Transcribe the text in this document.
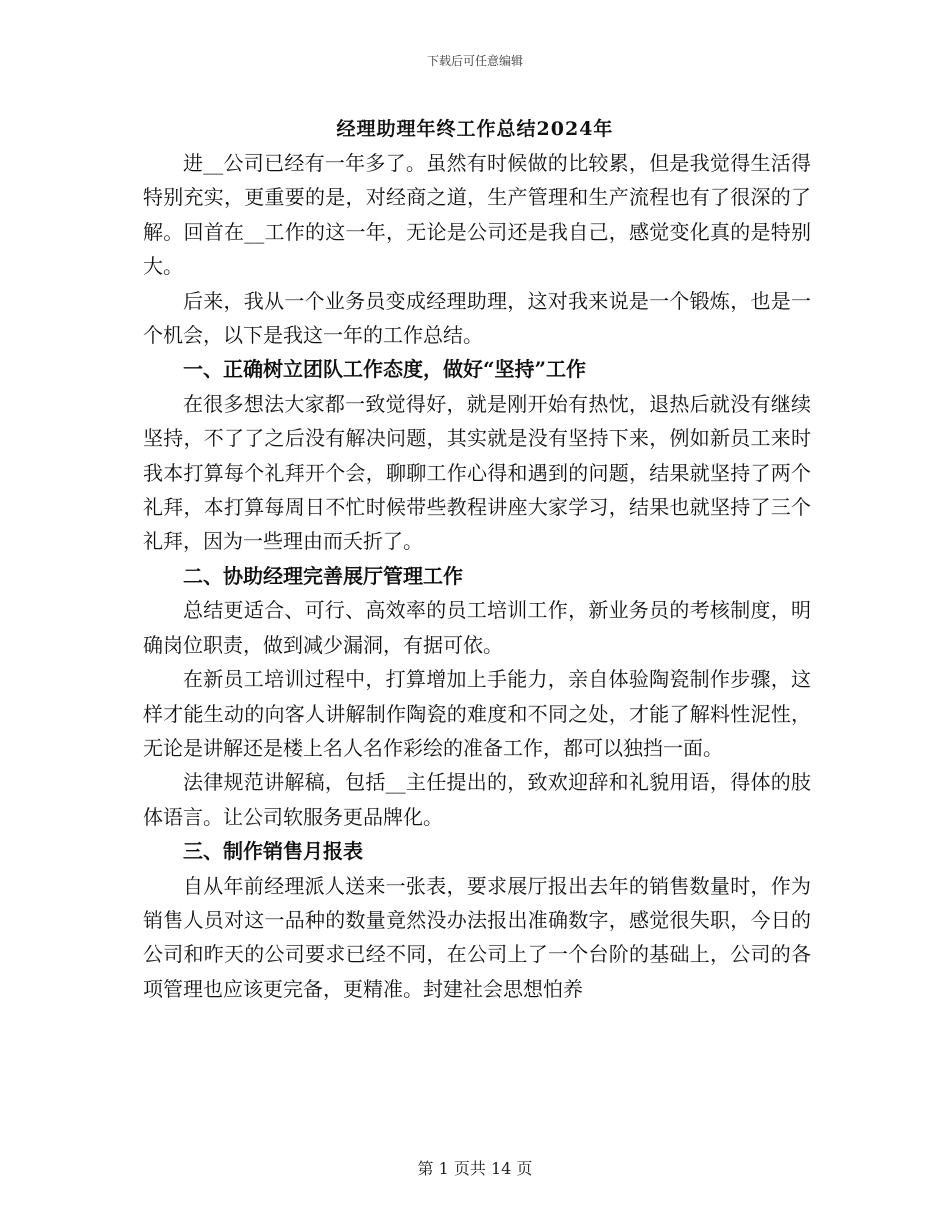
下载后可任意编辑
经理助理年终工作总结2024年

进__公司已经有一年多了。虽然有时候做的比较累，但是我觉得生活得特别充实，更重要的是，对经商之道，生产管理和生产流程也有了很深的了解。回首在__工作的这一年，无论是公司还是我自己，感觉变化真的是特别大。

后来，我从一个业务员变成经理助理，这对我来说是一个锻炼，也是一个机会，以下是我这一年的工作总结。

一、正确树立团队工作态度，做好“坚持”工作

在很多想法大家都一致觉得好，就是刚开始有热忱，退热后就没有继续坚持，不了了之后没有解决问题，其实就是没有坚持下来，例如新员工来时我本打算每个礼拜开个会，聊聊工作心得和遇到的问题，结果就坚持了两个礼拜，本打算每周日不忙时候带些教程讲座大家学习，结果也就坚持了三个礼拜，因为一些理由而夭折了。

二、协助经理完善展厅管理工作

总结更适合、可行、高效率的员工培训工作，新业务员的考核制度，明确岗位职责，做到减少漏洞，有据可依。

在新员工培训过程中，打算增加上手能力，亲自体验陶瓷制作步骤，这样才能生动的向客人讲解制作陶瓷的难度和不同之处，才能了解料性泥性，无论是讲解还是楼上名人名作彩绘的准备工作，都可以独挡一面。

法律规范讲解稿，包括__主任提出的，致欢迎辞和礼貌用语，得体的肢体语言。让公司软服务更品牌化。

三、制作销售月报表

自从年前经理派人送来一张表，要求展厅报出去年的销售数量时，作为销售人员对这一品种的数量竟然没办法报出准确数字，感觉很失职，今日的公司和昨天的公司要求已经不同，在公司上了一个台阶的基础上，公司的各项管理也应该更完备，更精准。封建社会思想怕养

第 1 页共 14 页
